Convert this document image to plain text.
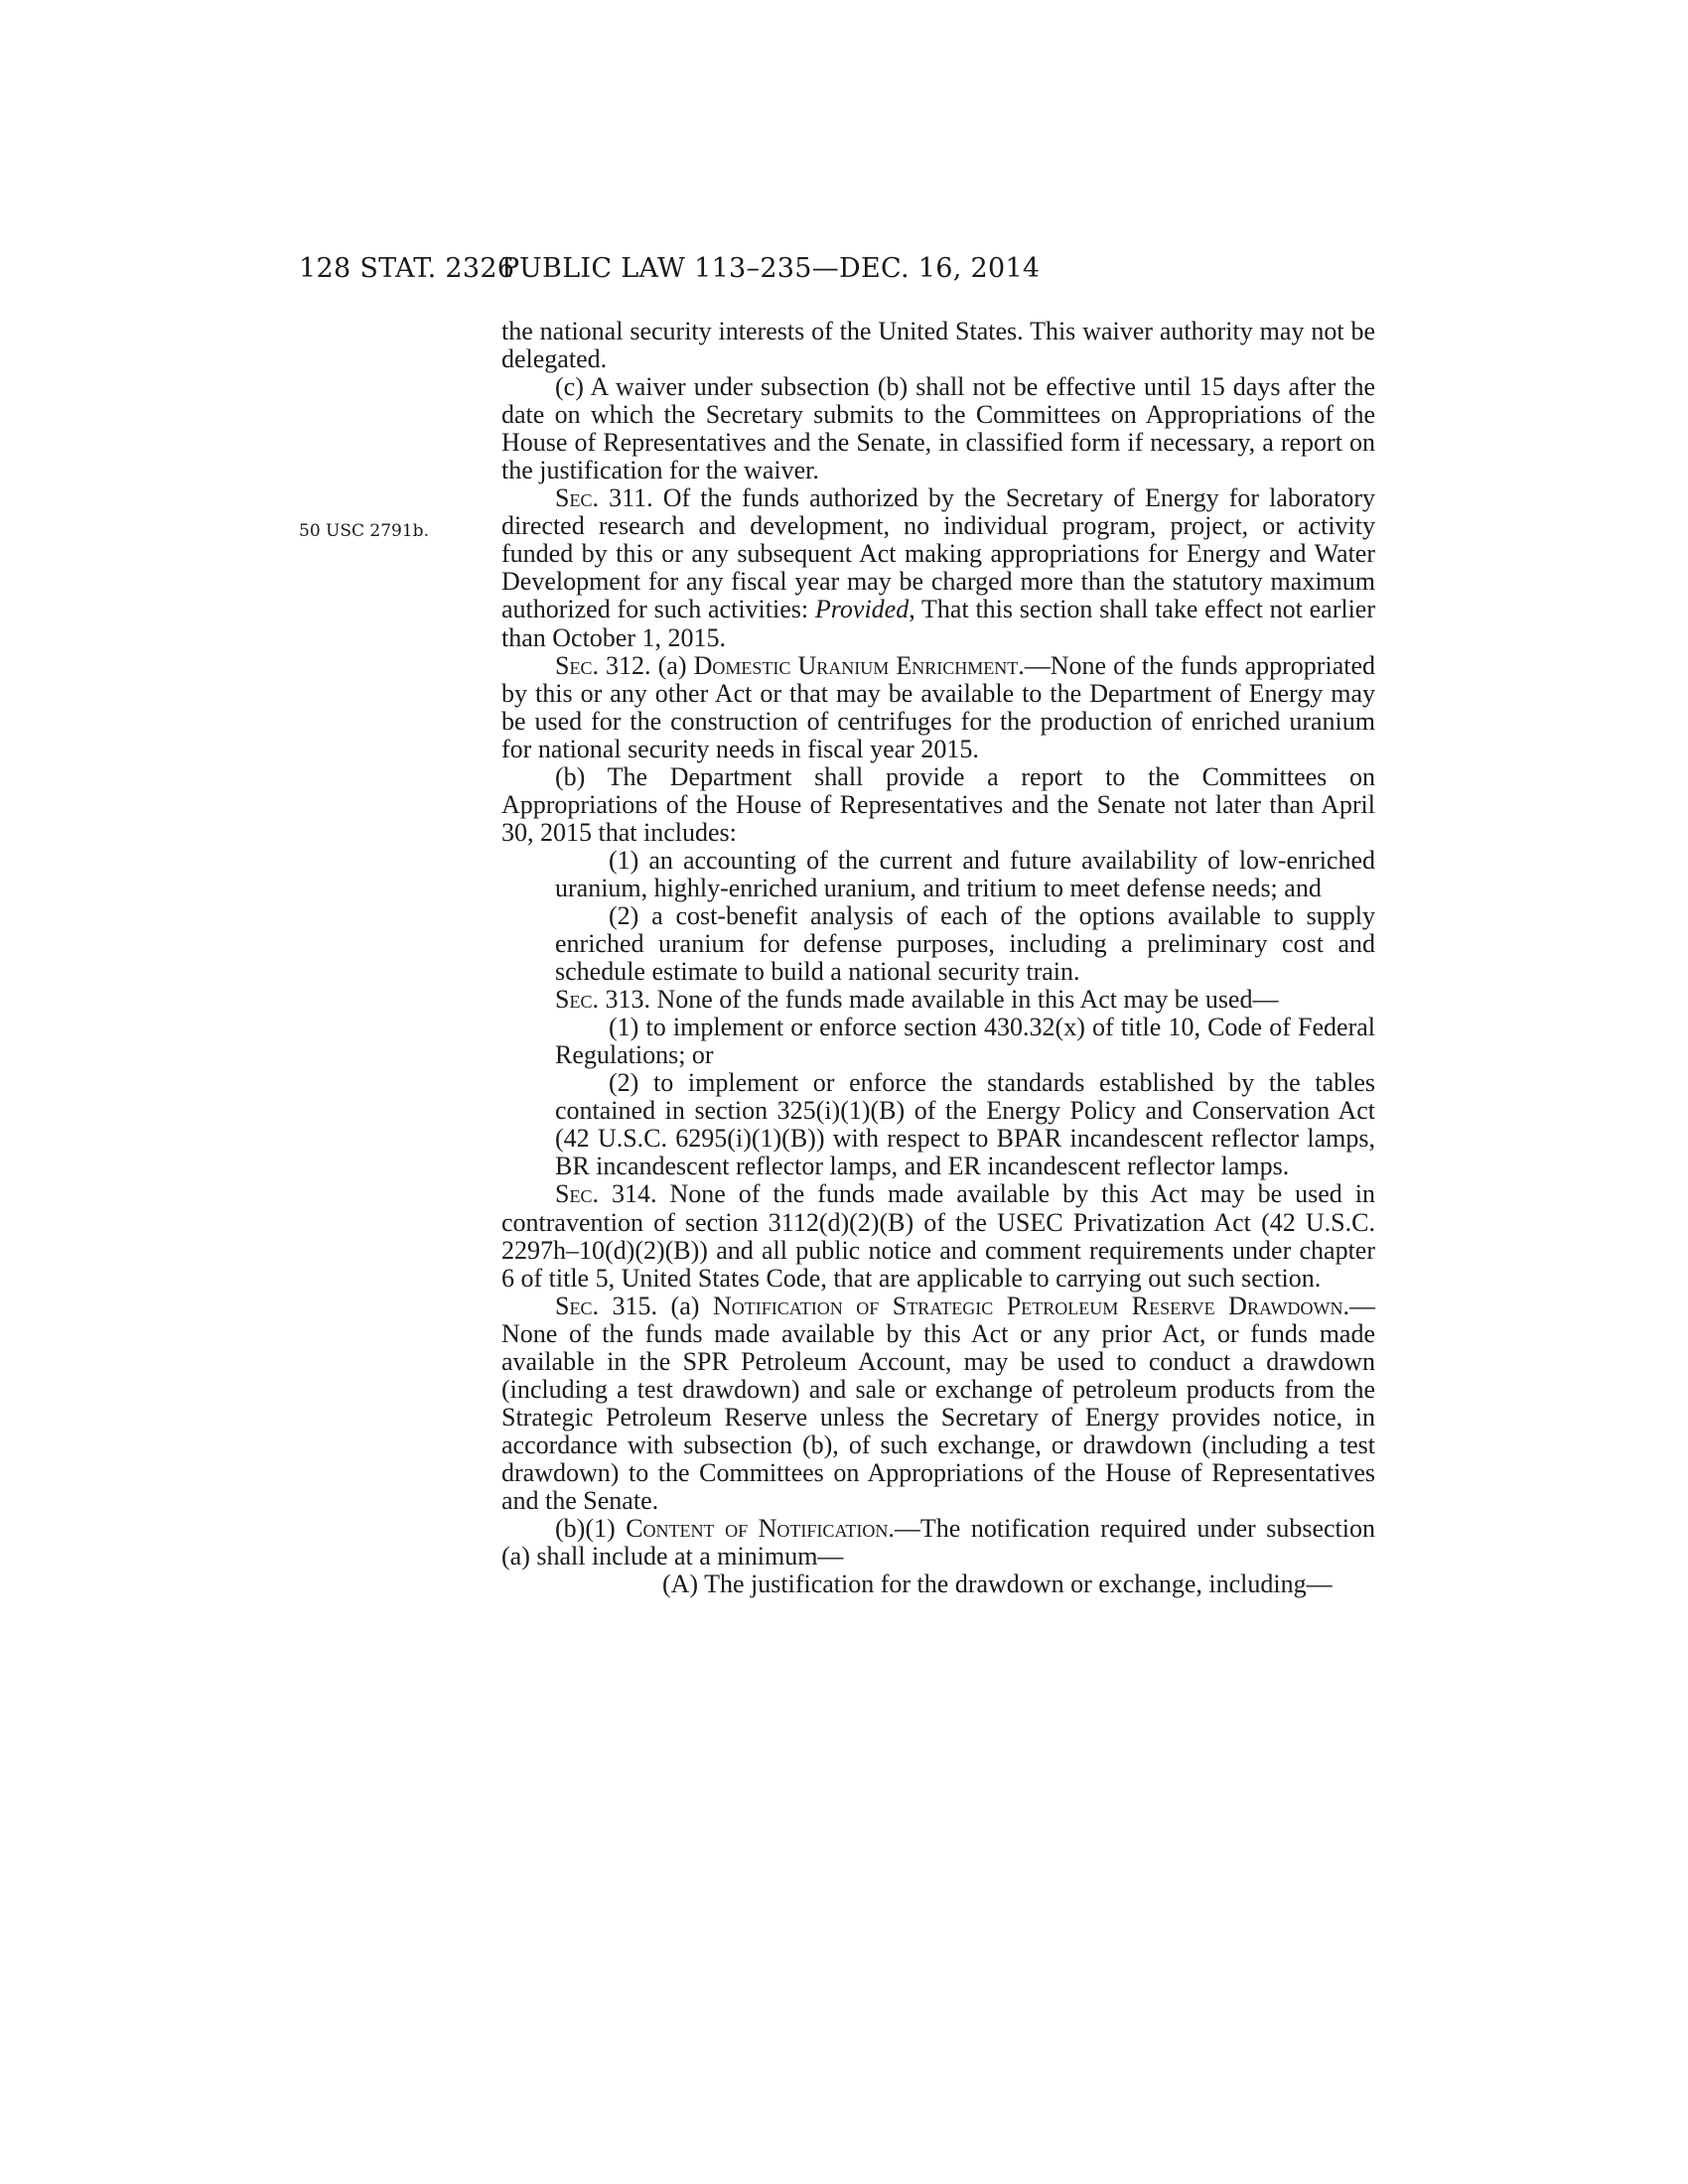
128 STAT. 2326
PUBLIC LAW 113–235—DEC. 16, 2014
50 USC 2791b.

the national security interests of the United States. This waiver authority may not be delegated.

(c) A waiver under subsection (b) shall not be effective until 15 days after the date on which the Secretary submits to the Committees on Appropriations of the House of Representatives and the Senate, in classified form if necessary, a report on the justification for the waiver.

Sec. 311. Of the funds authorized by the Secretary of Energy for laboratory directed research and development, no individual program, project, or activity funded by this or any subsequent Act making appropriations for Energy and Water Development for any fiscal year may be charged more than the statutory maximum authorized for such activities: Provided, That this section shall take effect not earlier than October 1, 2015.

Sec. 312. (a) Domestic Uranium Enrichment.—None of the funds appropriated by this or any other Act or that may be available to the Department of Energy may be used for the construction of centrifuges for the production of enriched uranium for national security needs in fiscal year 2015.

(b) The Department shall provide a report to the Committees on Appropriations of the House of Representatives and the Senate not later than April 30, 2015 that includes:

(1) an accounting of the current and future availability of low-enriched uranium, highly-enriched uranium, and tritium to meet defense needs; and

(2) a cost-benefit analysis of each of the options available to supply enriched uranium for defense purposes, including a preliminary cost and schedule estimate to build a national security train.

Sec. 313. None of the funds made available in this Act may be used—

(1) to implement or enforce section 430.32(x) of title 10, Code of Federal Regulations; or

(2) to implement or enforce the standards established by the tables contained in section 325(i)(1)(B) of the Energy Policy and Conservation Act (42 U.S.C. 6295(i)(1)(B)) with respect to BPAR incandescent reflector lamps, BR incandescent reflector lamps, and ER incandescent reflector lamps.

Sec. 314. None of the funds made available by this Act may be used in contravention of section 3112(d)(2)(B) of the USEC Privatization Act (42 U.S.C. 2297h–10(d)(2)(B)) and all public notice and comment requirements under chapter 6 of title 5, United States Code, that are applicable to carrying out such section.

Sec. 315. (a) Notification of Strategic Petroleum Reserve Drawdown.—None of the funds made available by this Act or any prior Act, or funds made available in the SPR Petroleum Account, may be used to conduct a drawdown (including a test drawdown) and sale or exchange of petroleum products from the Strategic Petroleum Reserve unless the Secretary of Energy provides notice, in accordance with subsection (b), of such exchange, or drawdown (including a test drawdown) to the Committees on Appropriations of the House of Representatives and the Senate.

(b)(1) Content of Notification.—The notification required under subsection (a) shall include at a minimum—

(A) The justification for the drawdown or exchange, including—
